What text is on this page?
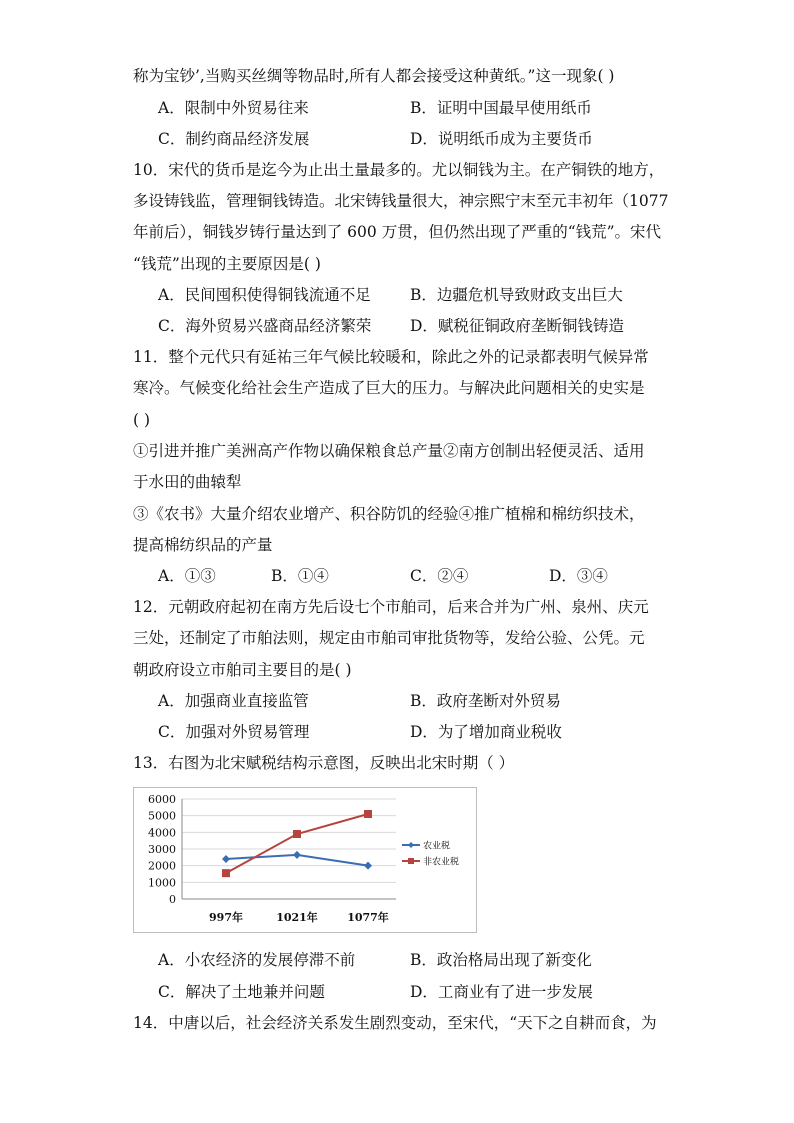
称为宝钞’,当购买丝绸等物品时,所有人都会接受这种黄纸。”这一现象( )
A．限制中外贸易往来	B．证明中国最早使用纸币
C．制约商品经济发展	D．说明纸币成为主要货币
10．宋代的货币是迄今为止出土量最多的。尤以铜钱为主。在产铜铁的地方，
多设铸钱监，管理铜钱铸造。北宋铸钱量很大，神宗熙宁末至元丰初年（1077
年前后），铜钱岁铸行量达到了 600 万贯，但仍然出现了严重的“钱荒”。宋代
“钱荒”出现的主要原因是( )
A．民间囤积使得铜钱流通不足	B．边疆危机导致财政支出巨大
C．海外贸易兴盛商品经济繁荣 D．赋税征铜政府垄断铜钱铸造
11．整个元代只有延祐三年气候比较暖和，除此之外的记录都表明气候异常
寒冷。气候变化给社会生产造成了巨大的压力。与解决此问题相关的史实是
( )
①引进并推广美洲高产作物以确保粮食总产量②南方创制出轻便灵活、适用
于水田的曲辕犁
③《农书》大量介绍农业增产、积谷防饥的经验④推广植棉和棉纺织技术，
提高棉纺织品的产量
A．①③	B．①④	C．②④	D．③④
12．元朝政府起初在南方先后设七个市舶司，后来合并为广州、泉州、庆元
三处，还制定了市舶法则，规定由市舶司审批货物等，发给公验、公凭。元
朝政府设立市舶司主要目的是( )
A．加强商业直接监管	B．政府垄断对外贸易
C．加强对外贸易管理	D．为了增加商业税收
13．右图为北宋赋税结构示意图，反映出北宋时期（ ）
0
1000
2000
3000
4000
5000
6000
997年	1021年	1077年
农业税
非农业税
A．小农经济的发展停滞不前	B．政治格局出现了新变化
C．解决了土地兼并问题	D．工商业有了进一步发展
14．中唐以后，社会经济关系发生剧烈变动，至宋代，“天下之自耕而食，为
